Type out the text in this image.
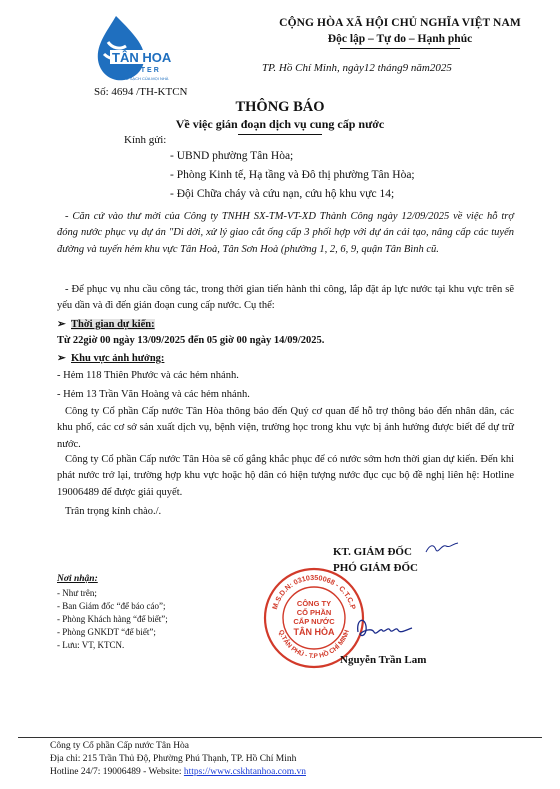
TÂN HOA
WATER
NƯỚC SẠCH CỦA MỌI NHÀ
CỘNG HÒA XÃ HỘI CHỦ NGHĨA VIỆT NAM
Độc lập – Tự do – Hạnh phúc
TP. Hồ Chí Minh, ngày12 tháng9 năm2025
Số: 4694 /TH-KTCN
THÔNG BÁO
Về việc gián đoạn dịch vụ cung cấp nước
Kính gửi:
- UBND phường Tân Hòa;
- Phòng Kinh tế, Hạ tầng và Đô thị phường Tân Hòa;
- Đội Chữa cháy và cứu nạn, cứu hộ khu vực 14;

- Căn cứ vào thư mời của Công ty TNHH SX-TM-VT-XD Thành Công ngày 12/09/2025 về việc hỗ trợ đóng nước phục vụ dự án "Di dời, xử lý giao cắt ống cấp 3 phối hợp với dự án cải tạo, nâng cấp các tuyến đường và tuyến hẻm khu vực Tân Hoà, Tân Sơn Hoà (phường 1, 2, 6, 9, quận Tân Bình cũ.

- Để phục vụ nhu cầu công tác, trong thời gian tiến hành thi công, lắp đặt áp lực nước tại khu vực trên sẽ yếu dần và đi đến gián đoạn cung cấp nước. Cụ thể:

➢ Thời gian dự kiến:
Từ 22giờ 00 ngày 13/09/2025 đến 05 giờ 00 ngày 14/09/2025.
➢ Khu vực ảnh hưởng:
- Hẻm 118 Thiên Phước và các hẻm nhánh.
- Hẻm 13 Trần Văn Hoàng và các hẻm nhánh.

Công ty Cổ phần Cấp nước Tân Hòa thông báo đến Quý cơ quan để hỗ trợ thông báo đến nhân dân, các khu phố, các cơ sở sản xuất dịch vụ, bệnh viện, trường học trong khu vực bị ảnh hưởng được biết để dự trữ nước.

Công ty Cổ phần Cấp nước Tân Hòa sẽ cố gắng khắc phục để có nước sớm hơn thời gian dự kiến. Đến khi phát nước trở lại, trường hợp khu vực hoặc hộ dân có hiện tượng nước đục cục bộ đề nghị liên hệ: Hotline 19006489 để được giải quyết.

Trân trọng kính chào./.

KT. GIÁM ĐỐC
PHÓ GIÁM ĐỐC
M.S.D.N: 0310350068 - C.T.C.P
Q.TÂN PHÚ - T.P HỒ CHÍ MINH
CÔNG TY
CỔ PHẦN
CẤP NƯỚC
TÂN HÒA
Nguyễn Trần Lam
Nơi nhận:
- Như trên;
- Ban Giám đốc “để báo cáo”;
- Phòng Khách hàng “để biết”;
- Phòng GNKDT “để biết”;
- Lưu: VT, KTCN.
Công ty Cổ phần Cấp nước Tân Hòa
Địa chỉ: 215 Trần Thủ Độ, Phường Phú Thạnh, TP. Hồ Chí Minh
Hotline 24/7: 19006489 - Website: https://www.cskhtanhoa.com.vn
